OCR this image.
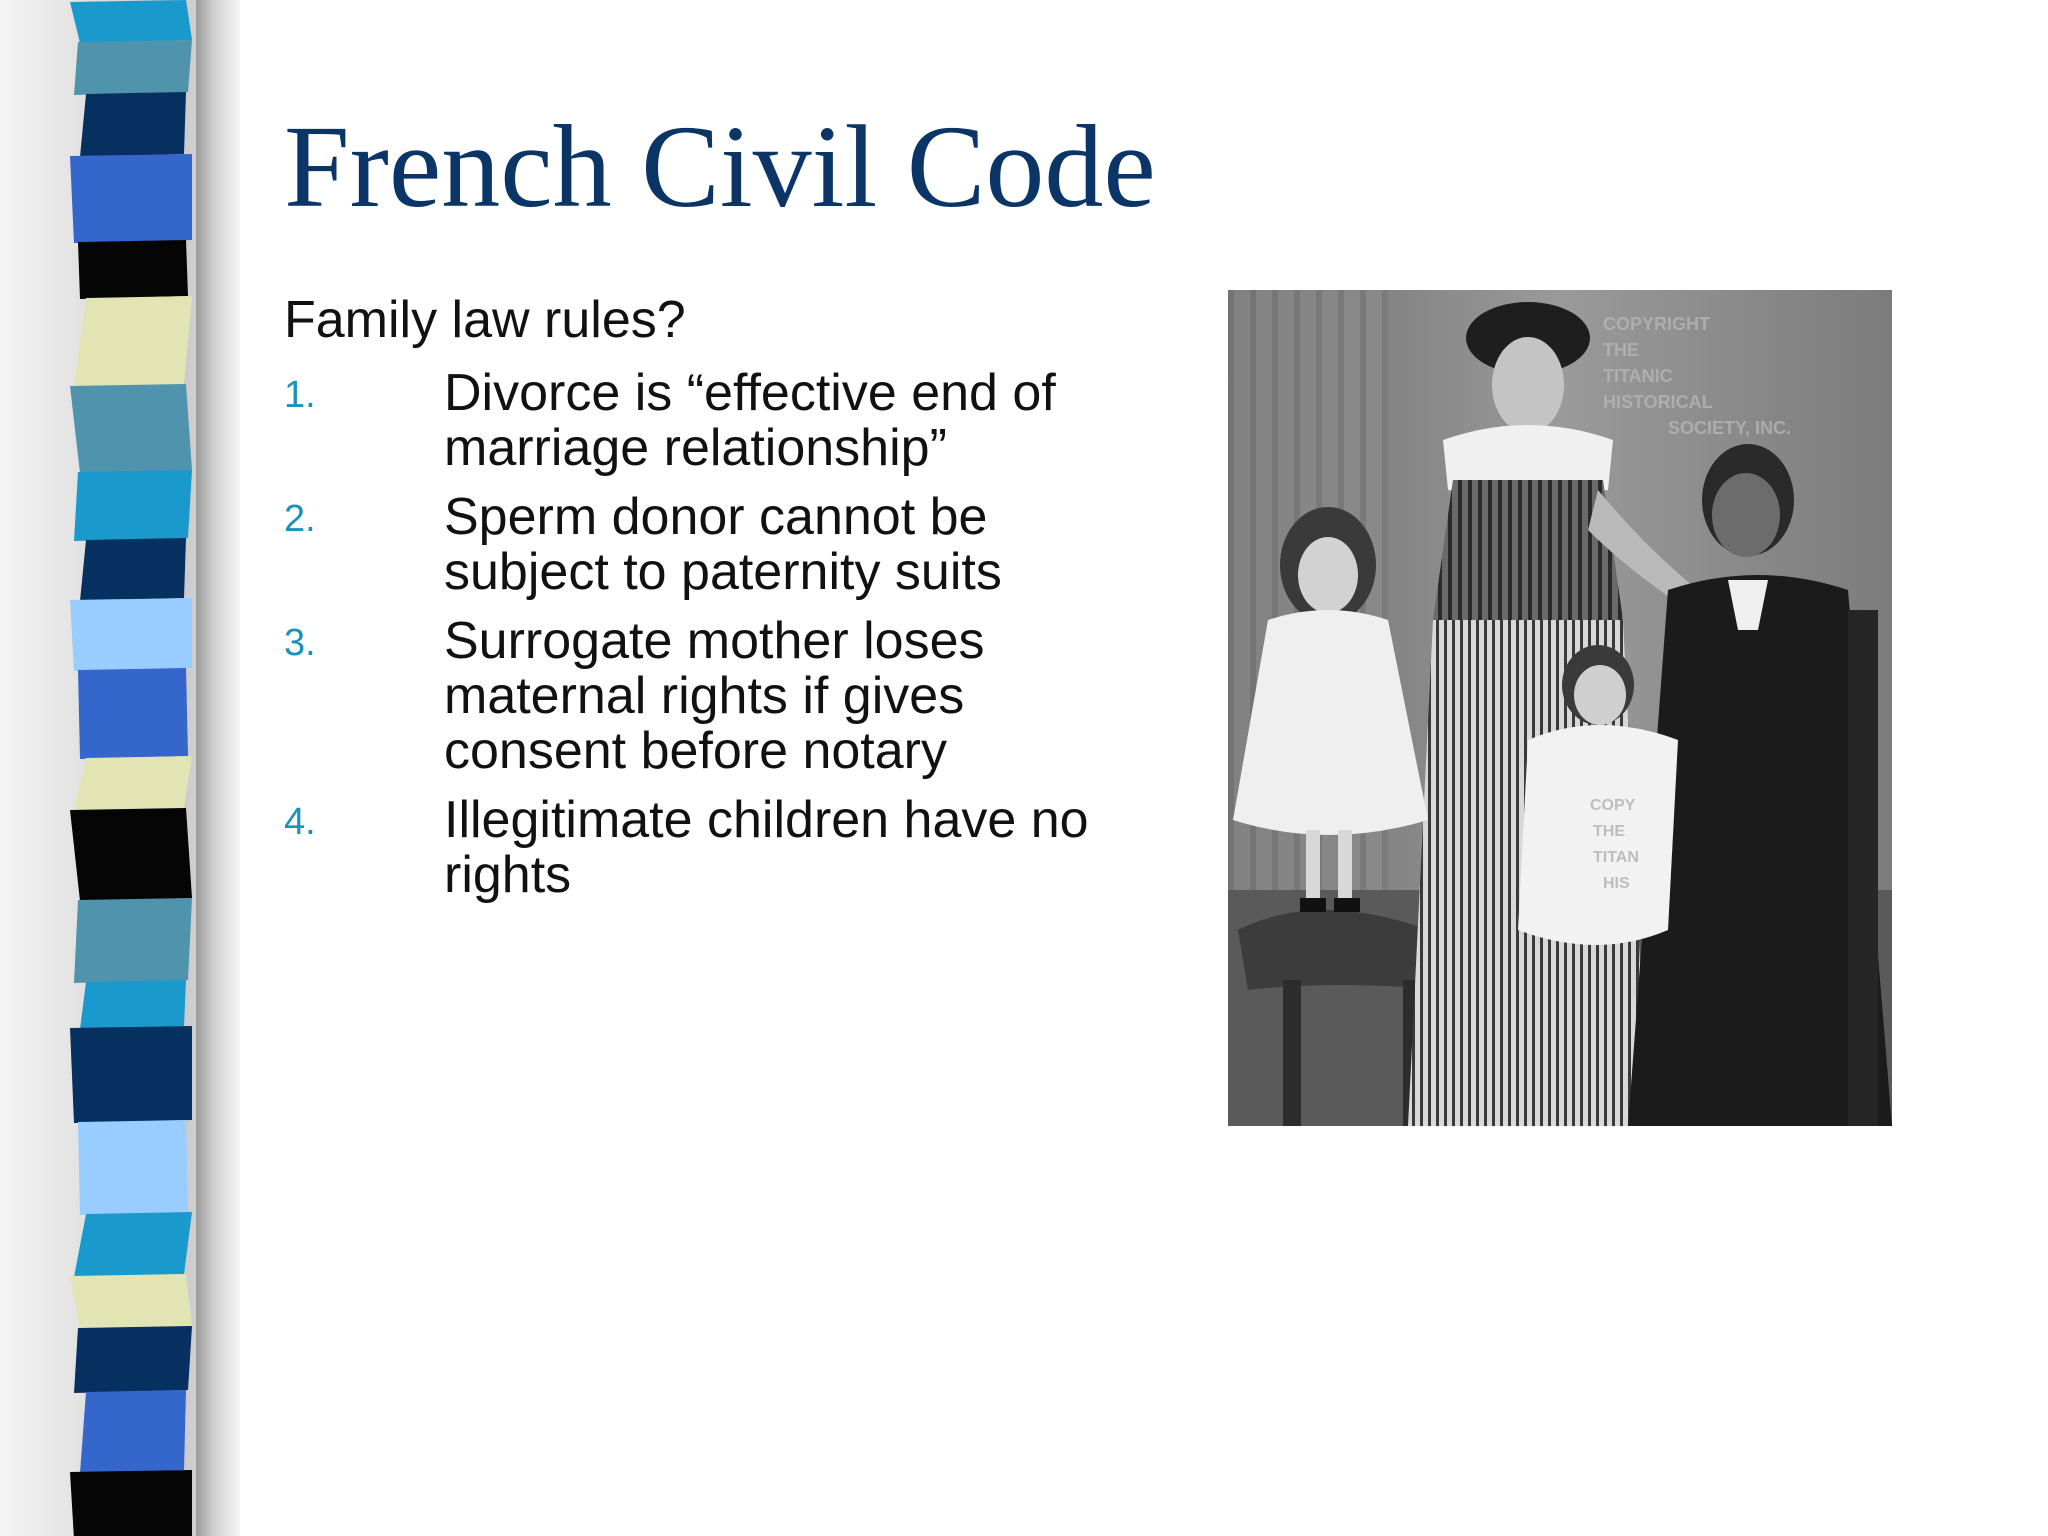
French Civil Code
Family law rules?
1. Divorce is “effective end of marriage relationship”
2. Sperm donor cannot be subject to paternity suits
3. Surrogate mother loses maternal rights if gives consent before notary
4. Illegitimate children have no rights
COPYRIGHT
THE
TITANIC
HISTORICAL
SOCIETY, INC.
COPY
THE
TITAN
HIS
